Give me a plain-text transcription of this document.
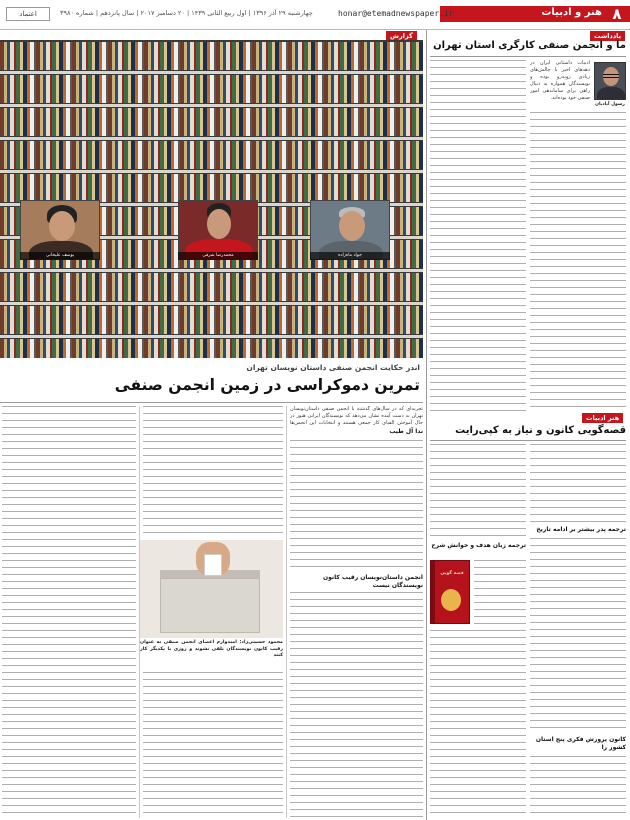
۸
هنر و ادبیات
honar@etemadnewspaper.ir
چهارشنبه ۲۹ آذر ۱۳۹۶ | اول ربیع الثانی ۱۴۳۹ | ۲۰ دسامبر ۲۰۱۷ | سال پانزدهم | شماره ۳۹۸۰
اعتماد
گزارش
یوسف علیخانی	محمدرضا شرفی	جواد ماه‌زاده
اندر حکایت انجمن صنفی داستان نویسان تهران
تمرین دموکراسی در زمین انجمن صنفی
تجربه‌ای که در سال‌های گذشته با انجمن صنفی داستان‌نویسان تهران به دست آمده نشان می‌دهد که نویسندگان ایرانی هنوز در حال آموختن الفبای کار جمعی هستند و انتخابات این انجمن‌ها
ندا آل طیب
انجمن داستان‌نویسان رقیب کانون نویسندگان نیست
محمود حسینی‌زاد: امیدوارم اعضای انجمن صنفی به عنوان رقیب کانون نویسندگان تلقی نشوند و روزی با یکدیگر کار کنند
یادداشت
ما و انجمن صنفی کارگری استان تهران
رسول آبادیان
ادبیات داستانی ایران در دهه‌های اخیر با چالش‌های زیادی روبه‌رو بوده و نویسندگان همواره به دنبال راهی برای ساماندهی امور صنفی خود بوده‌اند.
هنر ادبیات
قصه‌گویی کانون و نیاز به کپی‌رایت
ترجمه پدر بیشتر بر ادامه تاریخ
کانون پرورش فکری پنج استان کشور را
ترجمه زبان هدف و خوانش شرح
قصه گویی
